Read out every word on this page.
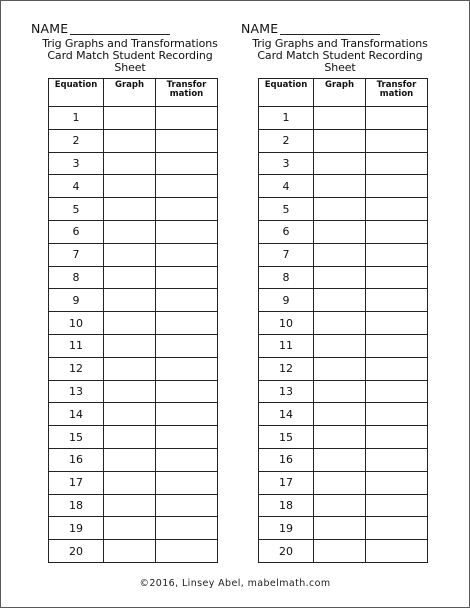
NAME
Trig Graphs and Transformations
Card Match Student Recording
Sheet
Equation	Graph	Transfor mation
1		
2		
3		
4		
5		
6		
7		
8		
9		
10		
11		
12		
13		
14		
15		
16		
17		
18		
19		
20		
NAME
Trig Graphs and Transformations
Card Match Student Recording
Sheet
Equation	Graph	Transfor mation
1		
2		
3		
4		
5		
6		
7		
8		
9		
10		
11		
12		
13		
14		
15		
16		
17		
18		
19		
20		
©2016, Linsey Abel, mabelmath.com
